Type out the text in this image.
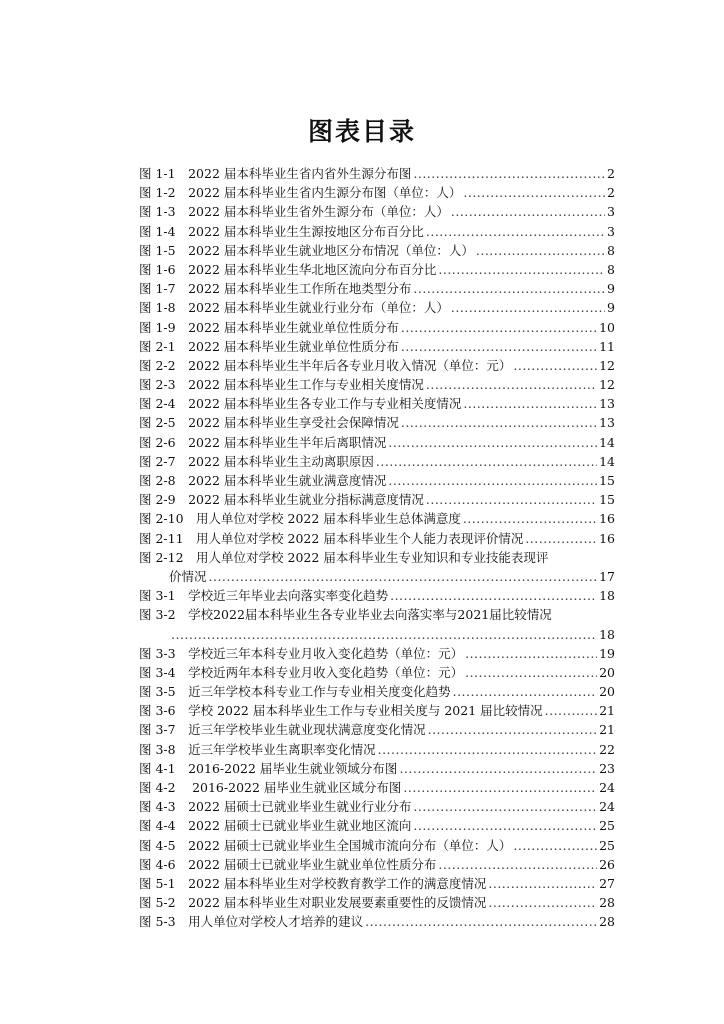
图表目录
图 1-1　2022 届本科毕业生省内省外生源分布图 .....	2
图 1-2　2022 届本科毕业生省内生源分布图（单位：人） .....	2
图 1-3　2022 届本科毕业生省外生源分布（单位：人） .....	3
图 1-4　2022 届本科毕业生生源按地区分布百分比 .....	3
图 1-5　2022 届本科毕业生就业地区分布情况（单位：人） .....	8
图 1-6　2022 届本科毕业生华北地区流向分布百分比 .....	8
图 1-7　2022 届本科毕业生工作所在地类型分布 .....	9
图 1-8　2022 届本科毕业生就业行业分布（单位：人） .....	9
图 1-9　2022 届本科毕业生就业单位性质分布 .....	10
图 2-1　2022 届本科毕业生就业单位性质分布 .....	11
图 2-2　2022 届本科毕业生半年后各专业月收入情况（单位：元） .....	12
图 2-3　2022 届本科毕业生工作与专业相关度情况 .....	12
图 2-4　2022 届本科毕业生各专业工作与专业相关度情况 .....	13
图 2-5　2022 届本科毕业生享受社会保障情况 .....	13
图 2-6　2022 届本科毕业生半年后离职情况 .....	14
图 2-7　2022 届本科毕业生主动离职原因 .....	14
图 2-8　2022 届本科毕业生就业满意度情况 .....	15
图 2-9　2022 届本科毕业生就业分指标满意度情况 .....	15
图 2-10　用人单位对学校 2022 届本科毕业生总体满意度 .....	16
图 2-11　用人单位对学校 2022 届本科毕业生个人能力表现评价情况 .....	16
图 2-12　用人单位对学校 2022 届本科毕业生专业知识和专业技能表现评
价情况 .....	17
图 3-1　学校近三年毕业去向落实率变化趋势 .....	18
图 3-2　学校2022届本科毕业生各专业毕业去向落实率与2021届比较情况
.....
18
图 3-3　学校近三年本科专业月收入变化趋势（单位：元） .....	19
图 3-4　学校近两年本科专业月收入变化趋势（单位：元） .....	20
图 3-5　近三年学校本科专业工作与专业相关度变化趋势 .....	20
图 3-6　学校 2022 届本科毕业生工作与专业相关度与 2021 届比较情况 .....	21
图 3-7　近三年学校毕业生就业现状满意度变化情况 .....	21
图 3-8　近三年学校毕业生离职率变化情况 .....	22
图 4-1　2016-2022 届毕业生就业领域分布图 .....	23
图 4-2　 2016-2022 届毕业生就业区域分布图 .....	24
图 4-3　2022 届硕士已就业毕业生就业行业分布 .....	24
图 4-4　2022 届硕士已就业毕业生就业地区流向 .....	25
图 4-5　2022 届硕士已就业毕业生全国城市流向分布（单位：人） .....	25
图 4-6　2022 届硕士已就业毕业生就业单位性质分布 .....	26
图 5-1　2022 届本科毕业生对学校教育教学工作的满意度情况 .....	27
图 5-2　2022 届本科毕业生对职业发展要素重要性的反馈情况 .....	28
图 5-3　用人单位对学校人才培养的建议 .....	28
